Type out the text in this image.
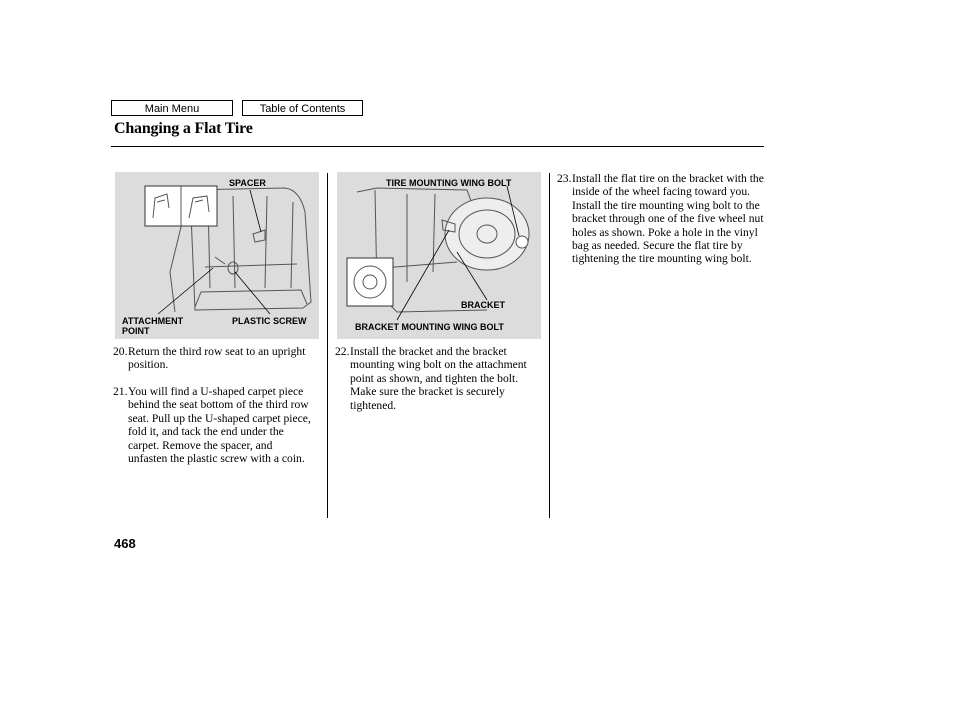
Main Menu	Table of Contents
Changing a Flat Tire
SPACER
ATTACHMENT
POINT
PLASTIC SCREW
TIRE MOUNTING WING BOLT
BRACKET
BRACKET MOUNTING WING BOLT
20. Return the third row seat to an upright position.
21. You will find a U-shaped carpet piece behind the seat bottom of the third row seat. Pull up the U-shaped carpet piece, fold it, and tack the end under the carpet. Remove the spacer, and unfasten the plastic screw with a coin.
22. Install the bracket and the bracket mounting wing bolt on the attachment point as shown, and tighten the bolt. Make sure the bracket is securely tightened.
23. Install the flat tire on the bracket with the inside of the wheel facing toward you. Install the tire mounting wing bolt to the bracket through one of the five wheel nut holes as shown. Poke a hole in the vinyl bag as needed. Secure the flat tire by tightening the tire mounting wing bolt.
468
